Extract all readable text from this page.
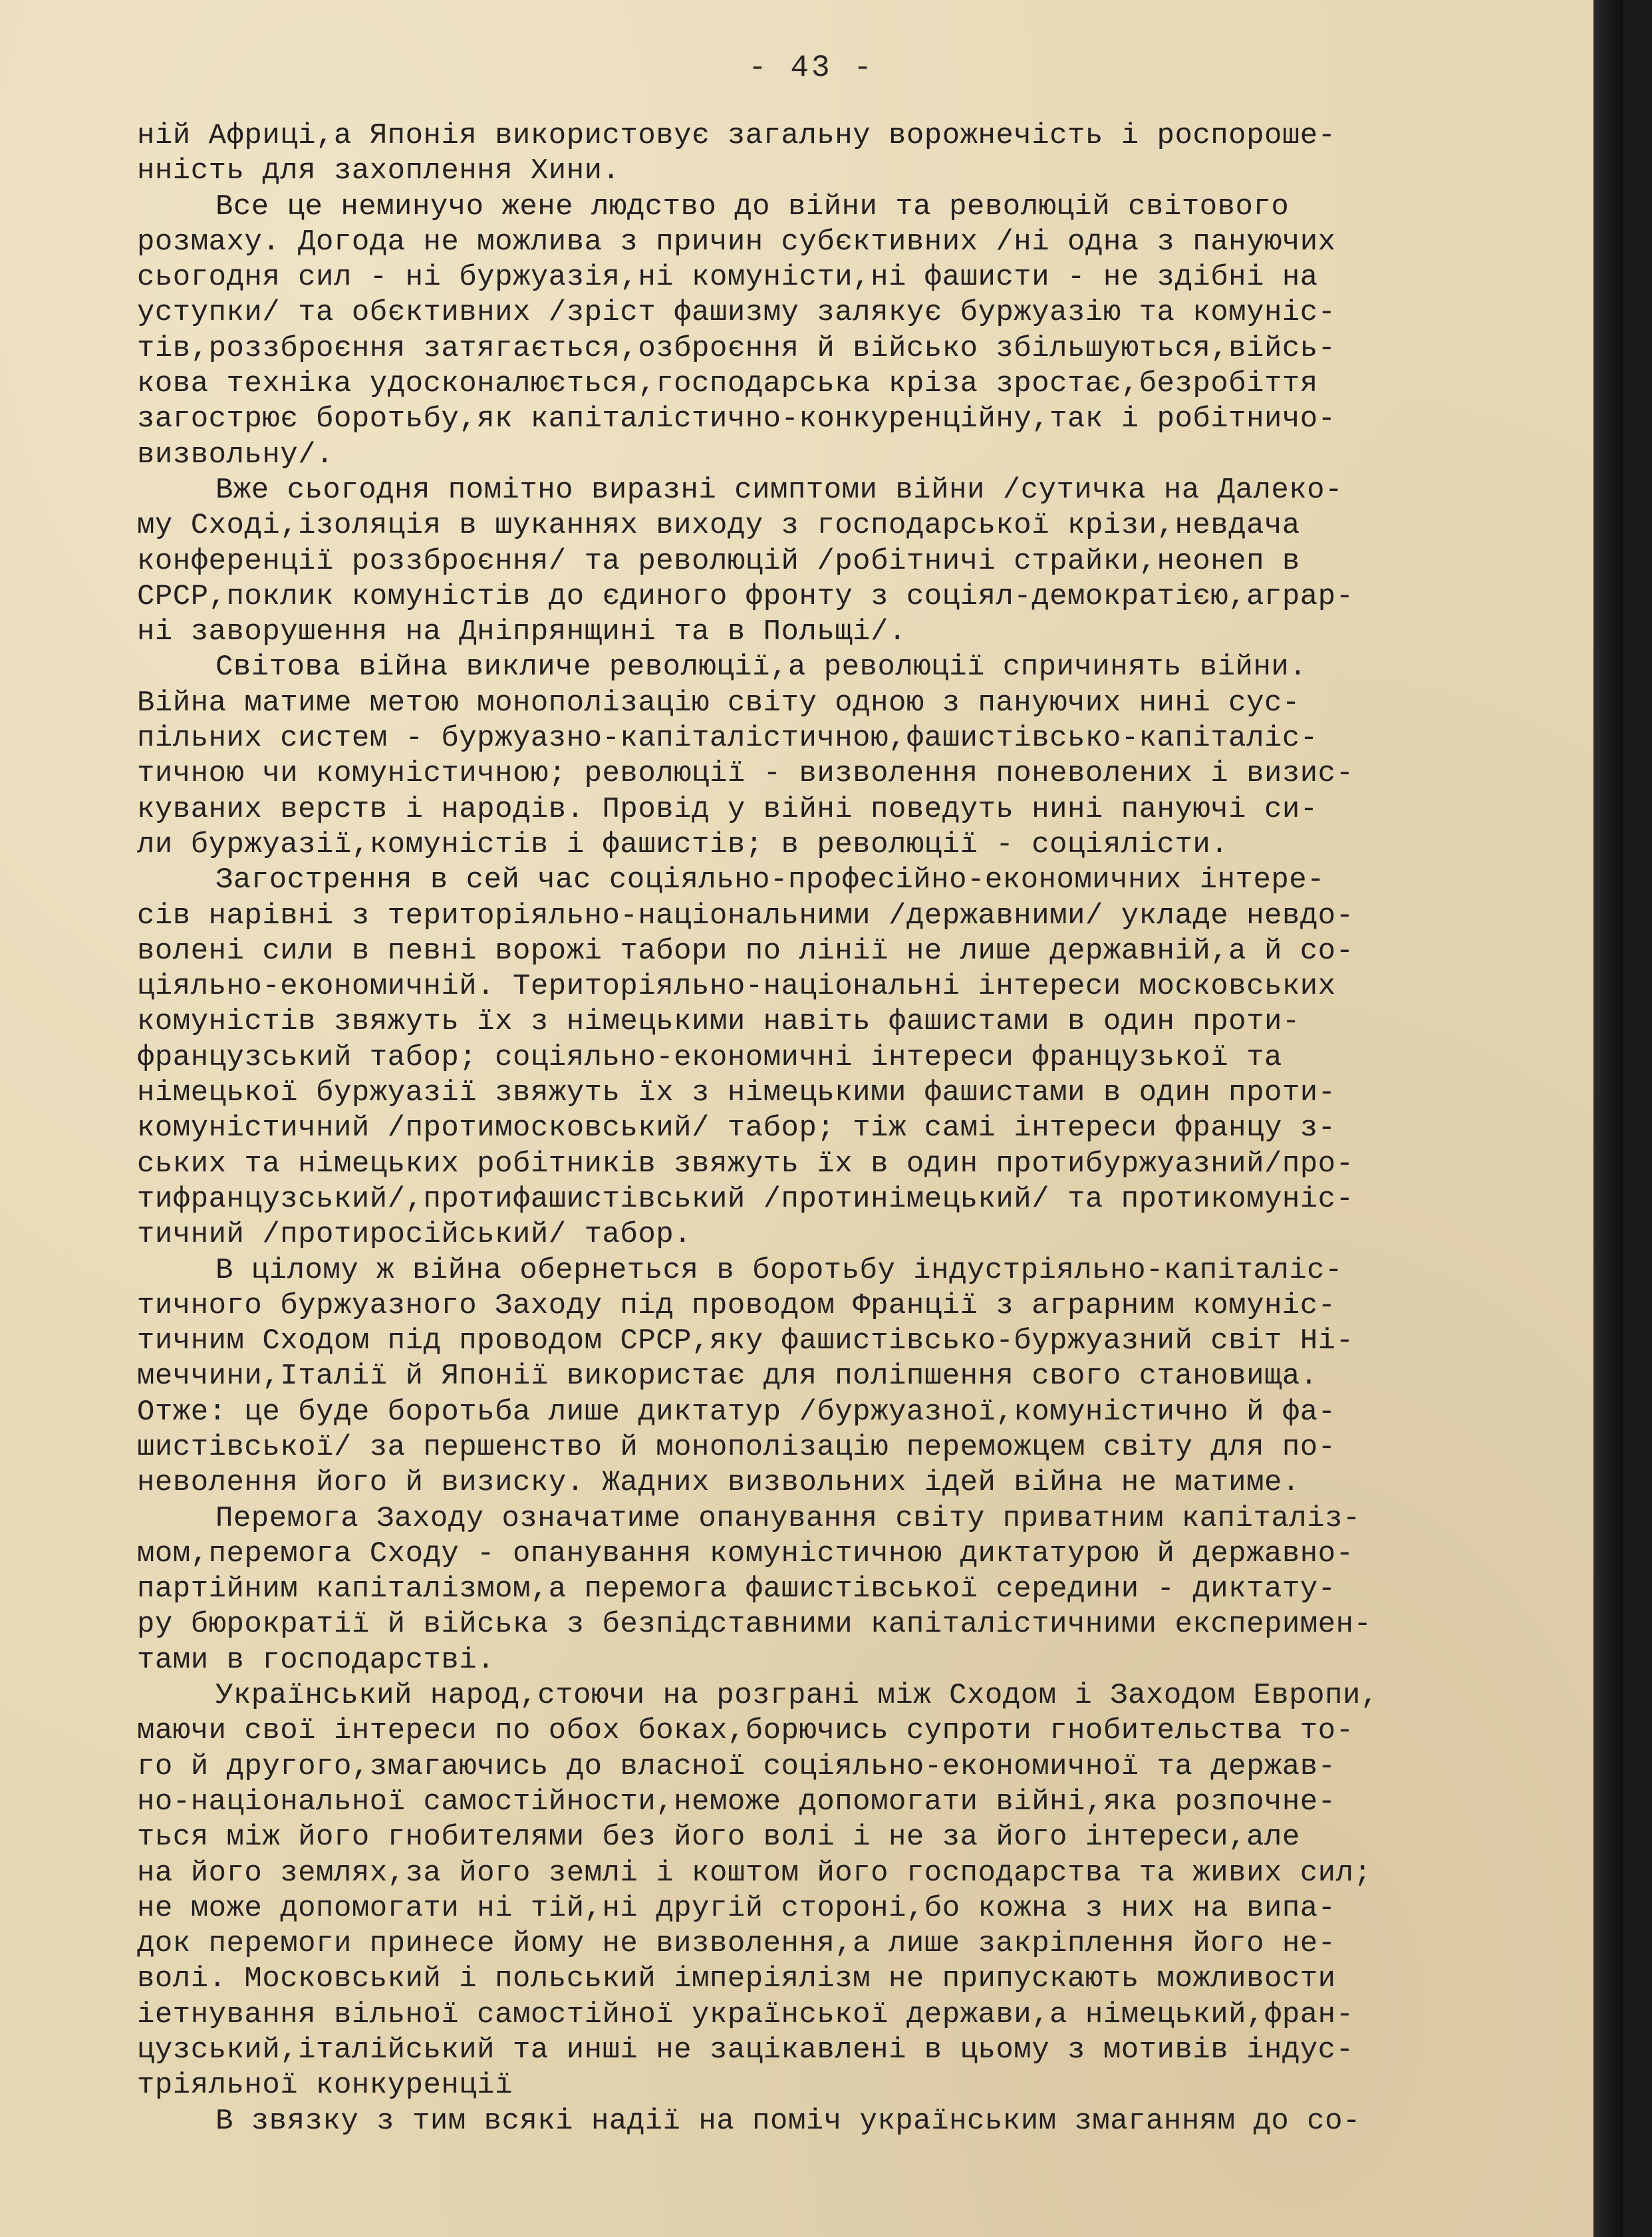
- 43 -
ній Африці,а Японія використовує загальну ворожнечість і роспороше-
нність для захоплення Хини.
Все це неминучо жене людство до війни та революцій світового
розмаху. Догода не можлива з причин субєктивних /ні одна з пануючих
сьогодня сил - ні буржуазія,ні комуністи,ні фашисти - не здібні на
уступки/ та обєктивних /зріст фашизму залякує буржуазію та комуніс-
тів,роззброєння затягається,озброєння й військо збільшуються,війсь-
кова техніка удосконалюється,господарська кріза зростає,безробіття
загострює боротьбу,як капіталістично-конкуренційну,так і робітничо-
визвольну/.
Вже сьогодня помітно виразні симптоми війни /сутичка на Далеко-
му Сході,ізоляція в шуканнях виходу з господарської крізи,невдача
конференції роззброєння/ та революцій /робітничі страйки,неонеп в
СРСР,поклик комуністів до єдиного фронту з соціял-демократією,аграр-
ні заворушення на Дніпрянщині та в Польщі/.
Світова війна викличе революції,а революції спричинять війни.
Війна матиме метою монополізацію світу одною з пануючих нині сус-
пільних систем - буржуазно-капіталістичною,фашистівсько-капіталіс-
тичною чи комуністичною; революції - визволення поневолених і визис-
куваних верств і народів. Провід у війні поведуть нині пануючі си-
ли буржуазії,комуністів і фашистів; в революції - соціялісти.
Загострення в сей час соціяльно-професійно-економичних інтере-
сів нарівні з територіяльно-національними /державними/ укладе невдо-
волені сили в певні ворожі табори по лінії не лише державній,а й со-
ціяльно-економичній. Територіяльно-національні інтереси московських
комуністів звяжуть їх з німецькими навіть фашистами в один проти-
французський табор; соціяльно-економичні інтереси французької та
німецької буржуазії звяжуть їх з німецькими фашистами в один проти-
комуністичний /протимосковський/ табор; тіж самі інтереси францу з-
ських та німецьких робітників звяжуть їх в один протибуржуазний/про-
тифранцузський/,протифашистівський /протинімецький/ та протикомуніс-
тичний /протиросійський/ табор.
В цілому ж війна обернеться в боротьбу індустріяльно-капіталіс-
тичного буржуазного Заходу під проводом Франції з аграрним комуніс-
тичним Сходом під проводом СРСР,яку фашистівсько-буржуазний світ Ні-
меччини,Італії й Японії використає для поліпшення свого становища.
Отже: це буде боротьба лише диктатур /буржуазної,комуністично й фа-
шистівської/ за першенство й монополізацію переможцем світу для по-
неволення його й визиску. Жадних визвольних ідей війна не матиме.
Перемога Заходу означатиме опанування світу приватним капіталіз-
мом,перемога Сходу - опанування комуністичною диктатурою й державно-
партійним капіталізмом,а перемога фашистівської середини - диктату-
ру бюрократії й війська з безпідставними капіталістичними експеримен-
тами в господарстві.
Український народ,стоючи на розграні між Сходом і Заходом Европи,
маючи свої інтереси по обох боках,борючись супроти гнобительства то-
го й другого,змагаючись до власної соціяльно-економичної та держав-
но-національної самостійности,неможе допомогати війні,яка розпочне-
ться між його гнобителями без його волі і не за його інтереси,але
на його землях,за його землі і коштом його господарства та живих сил;
не може допомогати ні тій,ні другій стороні,бо кожна з них на випа-
док перемоги принесе йому не визволення,а лише закріплення його не-
волі. Московський і польський імперіялізм не припускають можливости
іетнування вільної самостійної української держави,а німецький,фран-
цузський,італійський та инші не зацікавлені в цьому з мотивів індус-
тріяльної конкуренції
В звязку з тим всякі надії на поміч українським змаганням до со-
